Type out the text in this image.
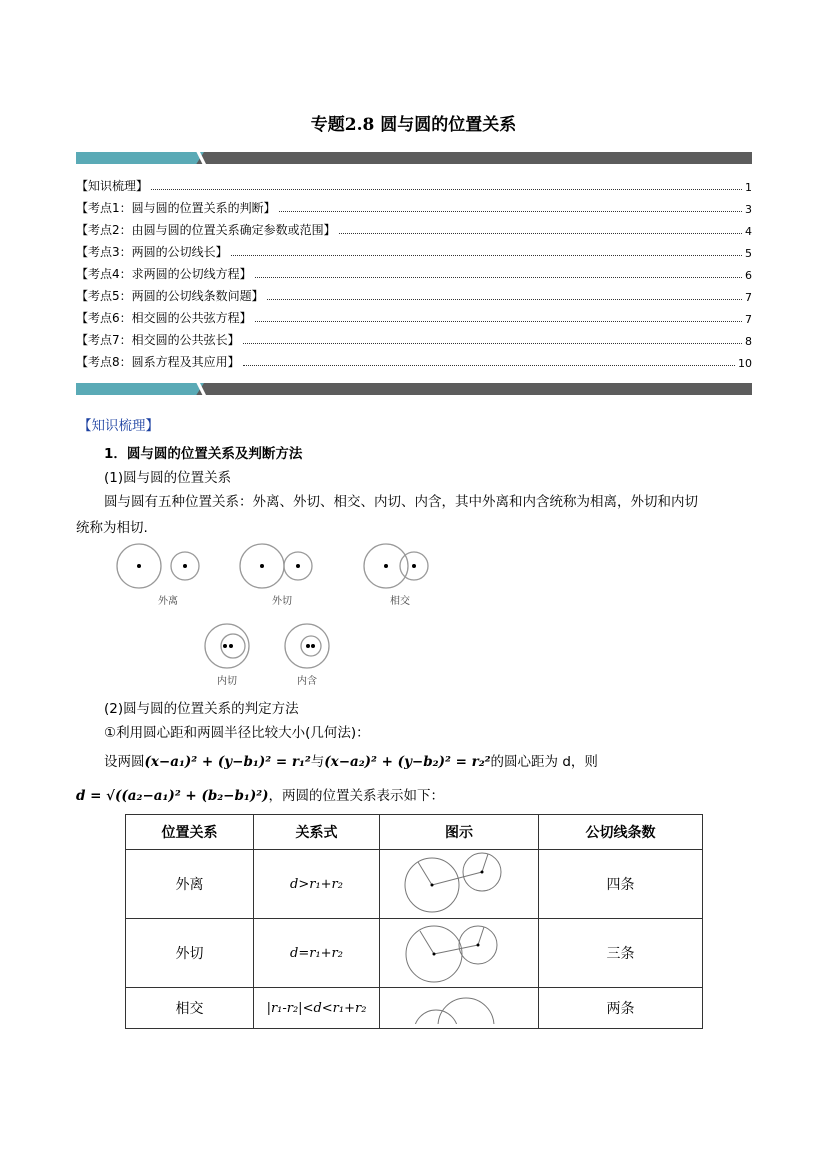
专题2.8 圆与圆的位置关系
【知识梳理】	1
【考点1：圆与圆的位置关系的判断】	3
【考点2：由圆与圆的位置关系确定参数或范围】	4
【考点3：两圆的公切线长】	5
【考点4：求两圆的公切线方程】	6
【考点5：两圆的公切线条数问题】	7
【考点6：相交圆的公共弦方程】	7
【考点7：相交圆的公共弦长】	8
【考点8：圆系方程及其应用】	10
【知识梳理】
1．圆与圆的位置关系及判断方法
(1)圆与圆的位置关系
圆与圆有五种位置关系：外离、外切、相交、内切、内含，其中外离和内含统称为相离，外切和内切
统称为相切.
外离	外切	相交
内切	内含
(2)圆与圆的位置关系的判定方法
①利用圆心距和两圆半径比较大小(几何法)：
设两圆(x−a₁)² + (y−b₁)² = r₁²与(x−a₂)² + (y−b₂)² = r₂²的圆心距为 d，则
d = √((a₂−a₁)² + (b₂−b₁)²)，两圆的位置关系表示如下：
位置关系	关系式	图示	公切线条数
外离	d>r₁+r₂		四条
外切	d=r₁+r₂		三条
相交	|r₁-r₂|<d<r₁+r₂		两条
